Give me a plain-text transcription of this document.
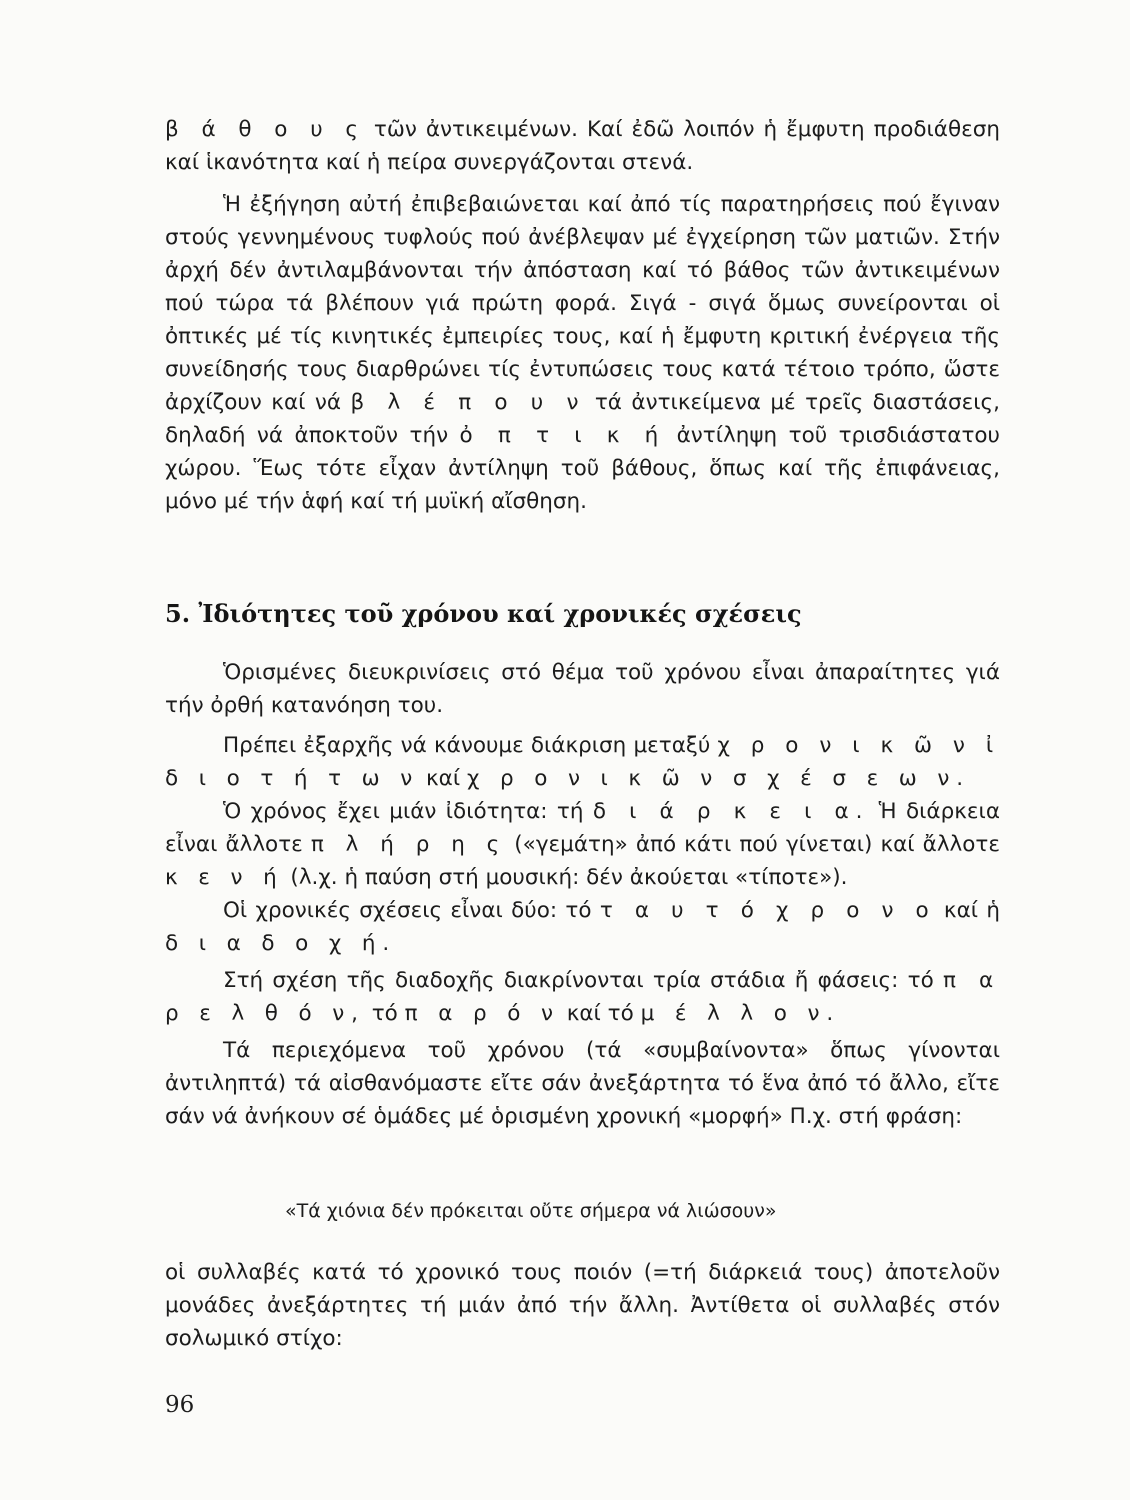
β ά θ ο υ ς τῶν ἀντικειμένων. Καί ἐδῶ λοιπόν ἡ ἔμφυτη προδιάθεση καί ἱκανότητα καί ἡ πείρα συνεργάζονται στενά.

Ἡ ἐξήγηση αὐτή ἐπιβεβαιώνεται καί ἀπό τίς παρατηρήσεις πού ἔγιναν στούς γεννημένους τυφλούς πού ἀνέβλεψαν μέ ἐγχείρηση τῶν ματιῶν. Στήν ἀρχή δέν ἀντιλαμβάνονται τήν ἀπόσταση καί τό βάθος τῶν ἀντικειμένων πού τώρα τά βλέπουν γιά πρώτη φορά. Σιγά - σιγά ὅμως συνείρονται οἱ ὀπτικές μέ τίς κινητικές ἐμπειρίες τους, καί ἡ ἔμφυτη κριτική ἐνέργεια τῆς συνείδησής τους διαρθρώνει τίς ἐντυπώσεις τους κατά τέτοιο τρόπο, ὥστε ἀρχίζουν καί νά β λ έ π ο υ ν τά ἀντικείμενα μέ τρεῖς διαστάσεις, δηλαδή νά ἀποκτοῦν τήν ὀ π τ ι κ ή ἀντίληψη τοῦ τρισδιάστατου χώρου. Ἕως τότε εἶχαν ἀντίληψη τοῦ βάθους, ὅπως καί τῆς ἐπιφάνειας, μόνο μέ τήν ἁφή καί τή μυϊκή αἴσθηση.

5. Ἰδιότητες τοῦ χρόνου καί χρονικές σχέσεις

Ὁρισμένες διευκρινίσεις στό θέμα τοῦ χρόνου εἶναι ἀπαραίτητες γιά τήν ὀρθή κατανόηση του.

Πρέπει ἐξαρχῆς νά κάνουμε διάκριση μεταξύ χ ρ ο ν ι κ ῶ ν ἰ δ ι ο τ ή τ ω ν καί χ ρ ο ν ι κ ῶ ν σ χ έ σ ε ω ν.

Ὁ χρόνος ἔχει μιάν ἰδιότητα: τή δ ι ά ρ κ ε ι α. Ἡ διάρκεια εἶναι ἄλλοτε π λ ή ρ η ς («γεμάτη» ἀπό κάτι πού γίνεται) καί ἄλλοτε κ ε ν ή (λ.χ. ἡ παύση στή μουσική: δέν ἀκούεται «τίποτε»).

Οἱ χρονικές σχέσεις εἶναι δύο: τό τ α υ τ ό χ ρ ο ν ο καί ἡ δ ι α δ ο χ ή.

Στή σχέση τῆς διαδοχῆς διακρίνονται τρία στάδια ἤ φάσεις: τό π α ρ ε λ θ ό ν, τό π α ρ ό ν καί τό μ έ λ λ ο ν.

Τά περιεχόμενα τοῦ χρόνου (τά «συμβαίνοντα» ὅπως γίνονται ἀντιληπτά) τά αἰσθανόμαστε εἴτε σάν ἀνεξάρτητα τό ἕνα ἀπό τό ἄλλο, εἴτε σάν νά ἀνήκουν σέ ὁμάδες μέ ὁρισμένη χρονική «μορφή» Π.χ. στή φράση:

«Τά χιόνια δέν πρόκειται οὔτε σήμερα νά λιώσουν»

οἱ συλλαβές κατά τό χρονικό τους ποιόν (=τή διάρκειά τους) ἀποτελοῦν μονάδες ἀνεξάρτητες τή μιάν ἀπό τήν ἄλλη. Ἀντίθετα οἱ συλλαβές στόν σολωμικό στίχο:

96
